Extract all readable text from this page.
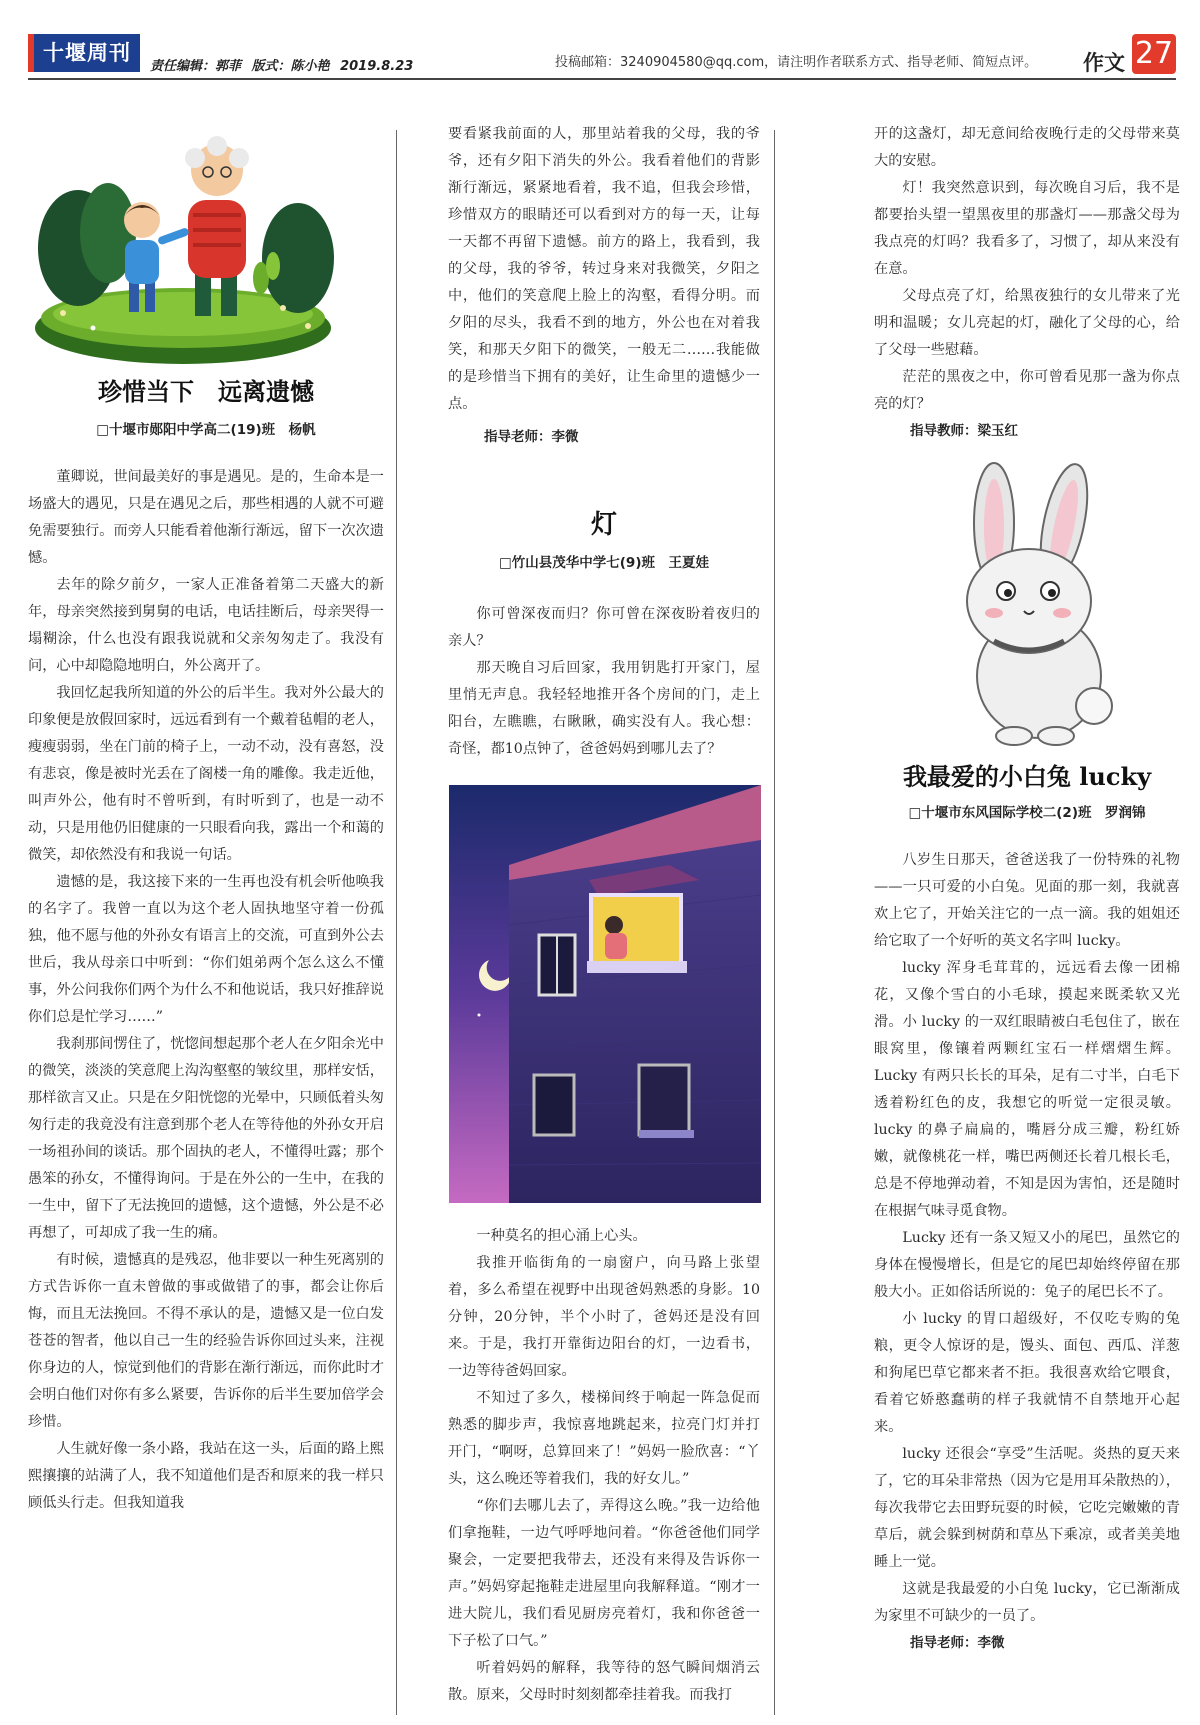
十堰周刊
责任编辑：郭菲 版式：陈小艳 2019.8.23	投稿邮箱：3240904580@qq.com，请注明作者联系方式、指导老师、简短点评。 作文 27
珍惜当下　远离遗憾
□十堰市郧阳中学高二(19)班　杨帆

董卿说，世间最美好的事是遇见。是的，生命本是一场盛大的遇见，只是在遇见之后，那些相遇的人就不可避免需要独行。而旁人只能看着他渐行渐远，留下一次次遗憾。

去年的除夕前夕，一家人正准备着第二天盛大的新年，母亲突然接到舅舅的电话，电话挂断后，母亲哭得一塌糊涂，什么也没有跟我说就和父亲匆匆走了。我没有问，心中却隐隐地明白，外公离开了。

我回忆起我所知道的外公的后半生。我对外公最大的印象便是放假回家时，远远看到有一个戴着毡帽的老人，瘦瘦弱弱，坐在门前的椅子上，一动不动，没有喜怒，没有悲哀，像是被时光丢在了阁楼一角的雕像。我走近他，叫声外公，他有时不曾听到，有时听到了，也是一动不动，只是用他仍旧健康的一只眼看向我，露出一个和蔼的微笑，却依然没有和我说一句话。

遗憾的是，我这接下来的一生再也没有机会听他唤我的名字了。我曾一直以为这个老人固执地坚守着一份孤独，他不愿与他的外孙女有语言上的交流，可直到外公去世后，我从母亲口中听到：“你们姐弟两个怎么这么不懂事，外公问我你们两个为什么不和他说话，我只好推辞说你们总是忙学习……”

我刹那间愣住了，恍惚间想起那个老人在夕阳余光中的微笑，淡淡的笑意爬上沟沟壑壑的皱纹里，那样安恬，那样欲言又止。只是在夕阳恍惚的光晕中，只顾低着头匆匆行走的我竟没有注意到那个老人在等待他的外孙女开启一场祖孙间的谈话。那个固执的老人，不懂得吐露；那个愚笨的孙女，不懂得询问。于是在外公的一生中，在我的一生中，留下了无法挽回的遗憾，这个遗憾，外公是不必再想了，可却成了我一生的痛。

有时候，遗憾真的是残忍，他非要以一种生死离别的方式告诉你一直未曾做的事或做错了的事，都会让你后悔，而且无法挽回。不得不承认的是，遗憾又是一位白发苍苍的智者，他以自己一生的经验告诉你回过头来，注视你身边的人，惊觉到他们的背影在渐行渐远，而你此时才会明白他们对你有多么紧要，告诉你的后半生要加倍学会珍惜。

人生就好像一条小路，我站在这一头，后面的路上熙熙攘攘的站满了人，我不知道他们是否和原来的我一样只顾低头行走。但我知道我

要看紧我前面的人，那里站着我的父母，我的爷爷，还有夕阳下消失的外公。我看着他们的背影渐行渐远，紧紧地看着，我不追，但我会珍惜，珍惜双方的眼睛还可以看到对方的每一天，让每一天都不再留下遗憾。前方的路上，我看到，我的父母，我的爷爷，转过身来对我微笑，夕阳之中，他们的笑意爬上脸上的沟壑，看得分明。而夕阳的尽头，我看不到的地方，外公也在对着我笑，和那天夕阳下的微笑，一般无二……我能做的是珍惜当下拥有的美好，让生命里的遗憾少一点。

指导老师：李微
灯
□竹山县茂华中学七(9)班　王夏娃

你可曾深夜而归？你可曾在深夜盼着夜归的亲人？

那天晚自习后回家，我用钥匙打开家门，屋里悄无声息。我轻轻地推开各个房间的门，走上阳台，左瞧瞧，右瞅瞅，确实没有人。我心想：奇怪，都10点钟了，爸爸妈妈到哪儿去了？

一种莫名的担心涌上心头。

我推开临街角的一扇窗户，向马路上张望着，多么希望在视野中出现爸妈熟悉的身影。10分钟，20分钟，半个小时了，爸妈还是没有回来。于是，我打开靠街边阳台的灯，一边看书，一边等待爸妈回家。

不知过了多久，楼梯间终于响起一阵急促而熟悉的脚步声，我惊喜地跳起来，拉亮门灯并打开门，“啊呀，总算回来了！”妈妈一脸欣喜：“丫头，这么晚还等着我们，我的好女儿。”

“你们去哪儿去了，弄得这么晚。”我一边给他们拿拖鞋，一边气呼呼地问着。“你爸爸他们同学聚会，一定要把我带去，还没有来得及告诉你一声。”妈妈穿起拖鞋走进屋里向我解释道。“刚才一进大院儿，我们看见厨房亮着灯，我和你爸爸一下子松了口气。”

听着妈妈的解释，我等待的怒气瞬间烟消云散。原来，父母时时刻刻都牵挂着我。而我打

开的这盏灯，却无意间给夜晚行走的父母带来莫大的安慰。

灯！我突然意识到，每次晚自习后，我不是都要抬头望一望黑夜里的那盏灯——那盏父母为我点亮的灯吗？我看多了，习惯了，却从来没有在意。

父母点亮了灯，给黑夜独行的女儿带来了光明和温暖；女儿亮起的灯，融化了父母的心，给了父母一些慰藉。

茫茫的黑夜之中，你可曾看见那一盏为你点亮的灯？

指导教师：梁玉红
我最爱的小白兔 lucky
□十堰市东风国际学校二(2)班　罗润锦

八岁生日那天，爸爸送我了一份特殊的礼物——一只可爱的小白兔。见面的那一刻，我就喜欢上它了，开始关注它的一点一滴。我的姐姐还给它取了一个好听的英文名字叫 lucky。

lucky 浑身毛茸茸的，远远看去像一团棉花，又像个雪白的小毛球，摸起来既柔软又光滑。小 lucky 的一双红眼睛被白毛包住了，嵌在眼窝里，像镶着两颗红宝石一样熠熠生辉。Lucky 有两只长长的耳朵，足有二寸半，白毛下透着粉红色的皮，我想它的听觉一定很灵敏。lucky 的鼻子扁扁的，嘴唇分成三瓣，粉红娇嫩，就像桃花一样，嘴巴两侧还长着几根长毛，总是不停地弹动着，不知是因为害怕，还是随时在根据气味寻觅食物。

Lucky 还有一条又短又小的尾巴，虽然它的身体在慢慢增长，但是它的尾巴却始终停留在那般大小。正如俗话所说的：兔子的尾巴长不了。

小 lucky 的胃口超级好，不仅吃专购的兔粮，更令人惊讶的是，馒头、面包、西瓜、洋葱和狗尾巴草它都来者不拒。我很喜欢给它喂食，看着它娇憨蠢萌的样子我就情不自禁地开心起来。

lucky 还很会“享受”生活呢。炎热的夏天来了，它的耳朵非常热（因为它是用耳朵散热的），每次我带它去田野玩耍的时候，它吃完嫩嫩的青草后，就会躲到树荫和草丛下乘凉，或者美美地睡上一觉。

这就是我最爱的小白兔 lucky，它已渐渐成为家里不可缺少的一员了。

指导老师：李微
